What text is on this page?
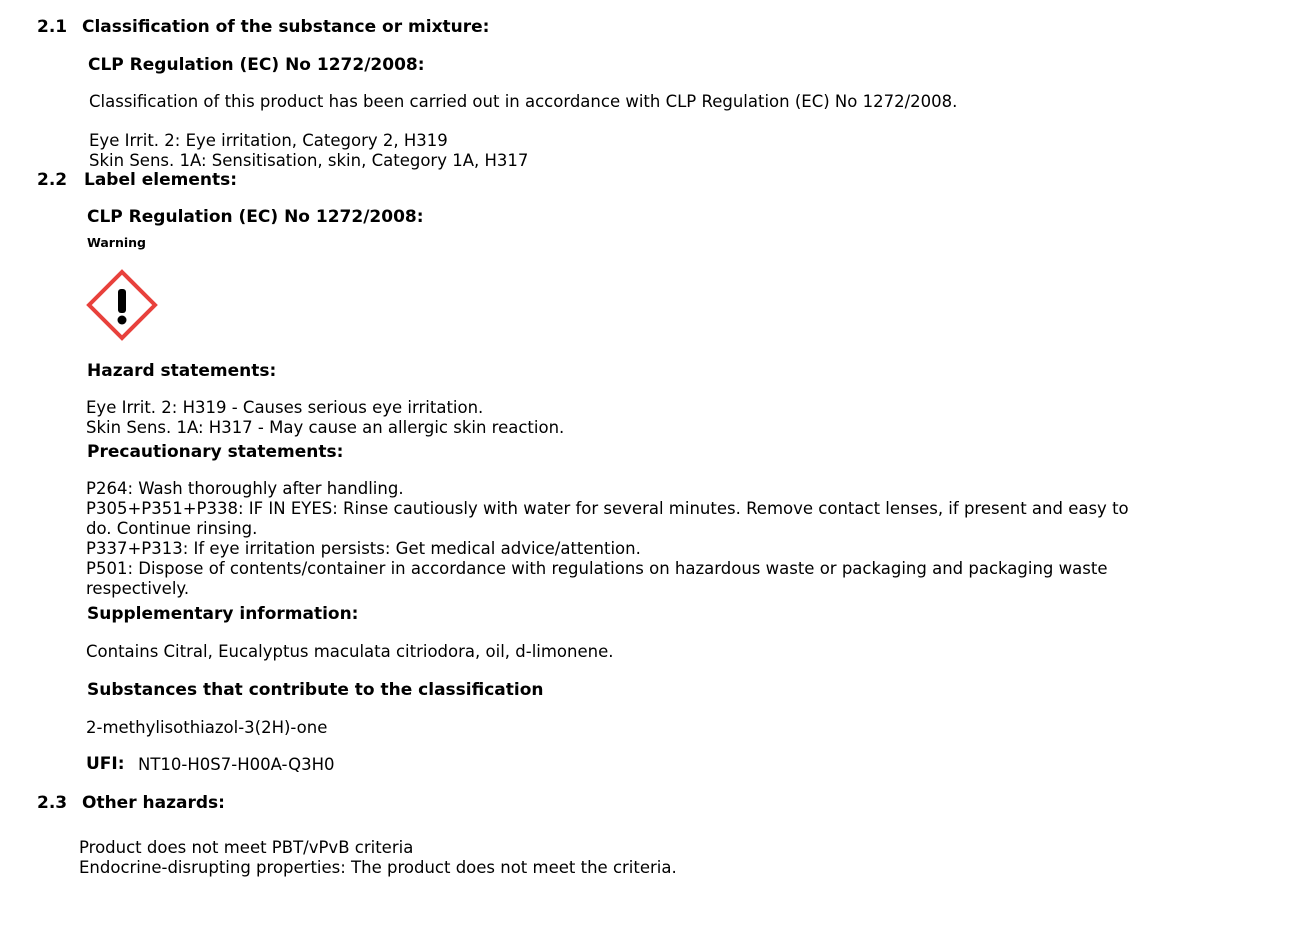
2.1 Classification of the substance or mixture:
CLP Regulation (EC) No 1272/2008:
Classification of this product has been carried out in accordance with CLP Regulation (EC) No 1272/2008.
Eye Irrit. 2: Eye irritation, Category 2, H319
Skin Sens. 1A: Sensitisation, skin, Category 1A, H317
2.2 Label elements:
CLP Regulation (EC) No 1272/2008:
Warning
Hazard statements:
Eye Irrit. 2: H319 - Causes serious eye irritation.
Skin Sens. 1A: H317 - May cause an allergic skin reaction.
Precautionary statements:
P264: Wash thoroughly after handling.
P305+P351+P338: IF IN EYES: Rinse cautiously with water for several minutes. Remove contact lenses, if present and easy to
do. Continue rinsing.
P337+P313: If eye irritation persists: Get medical advice/attention.
P501: Dispose of contents/container in accordance with regulations on hazardous waste or packaging and packaging waste
respectively.
Supplementary information:
Contains Citral, Eucalyptus maculata citriodora, oil, d-limonene.
Substances that contribute to the classification
2-methylisothiazol-3(2H)-one
UFI: NT10-H0S7-H00A-Q3H0
2.3 Other hazards:
Product does not meet PBT/vPvB criteria
Endocrine-disrupting properties: The product does not meet the criteria.
